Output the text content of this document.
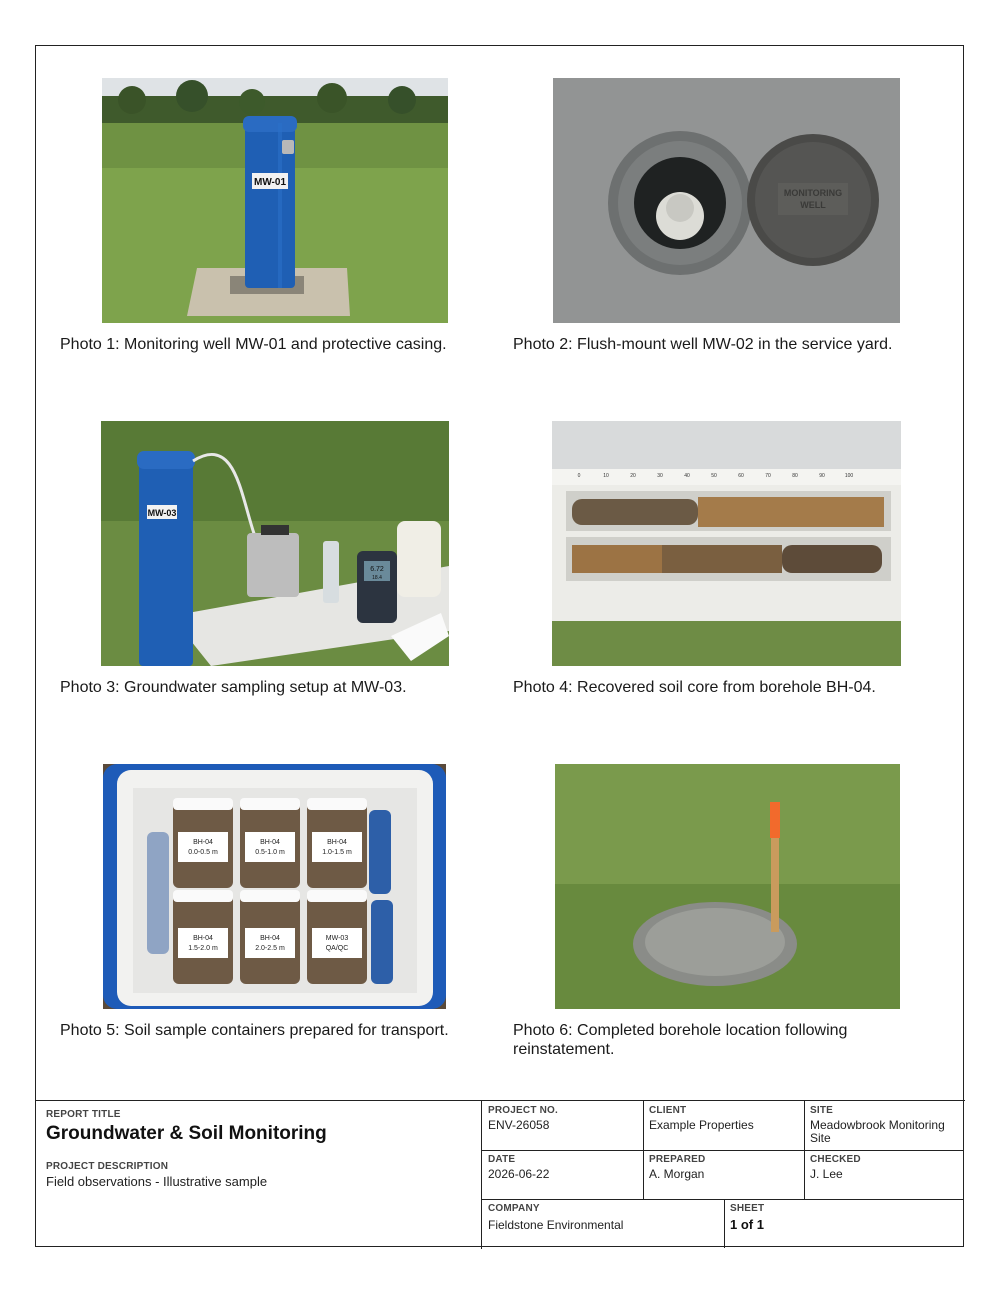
MW-01

Photo 1: Monitoring well MW-01 and protective casing.

MONITORING
WELL

Photo 2: Flush-mount well MW-02 in the service yard.

MW-03
6.72
18.4

Photo 3: Groundwater sampling setup at MW-03.

0	10	20	30	40	50	60	70	80	90	100

Photo 4: Recovered soil core from borehole BH-04.

BH-04
0.0-0.5 m
BH-04
0.5-1.0 m
BH-04
1.0-1.5 m
BH-04
1.5-2.0 m
BH-04
2.0-2.5 m
MW-03
QA/QC

Photo 5: Soil sample containers prepared for transport.	Photo 6: Completed borehole location following reinstatement.

REPORT TITLE
Groundwater & Soil Monitoring
PROJECT DESCRIPTION
Field observations - Illustrative sample
PROJECT NO.
ENV-26058
CLIENT
Example Properties
SITE
Meadowbrook Monitoring Site
DATE
2026-06-22
PREPARED
A. Morgan
CHECKED
J. Lee
COMPANY
Fieldstone Environmental
SHEET
1 of 1
